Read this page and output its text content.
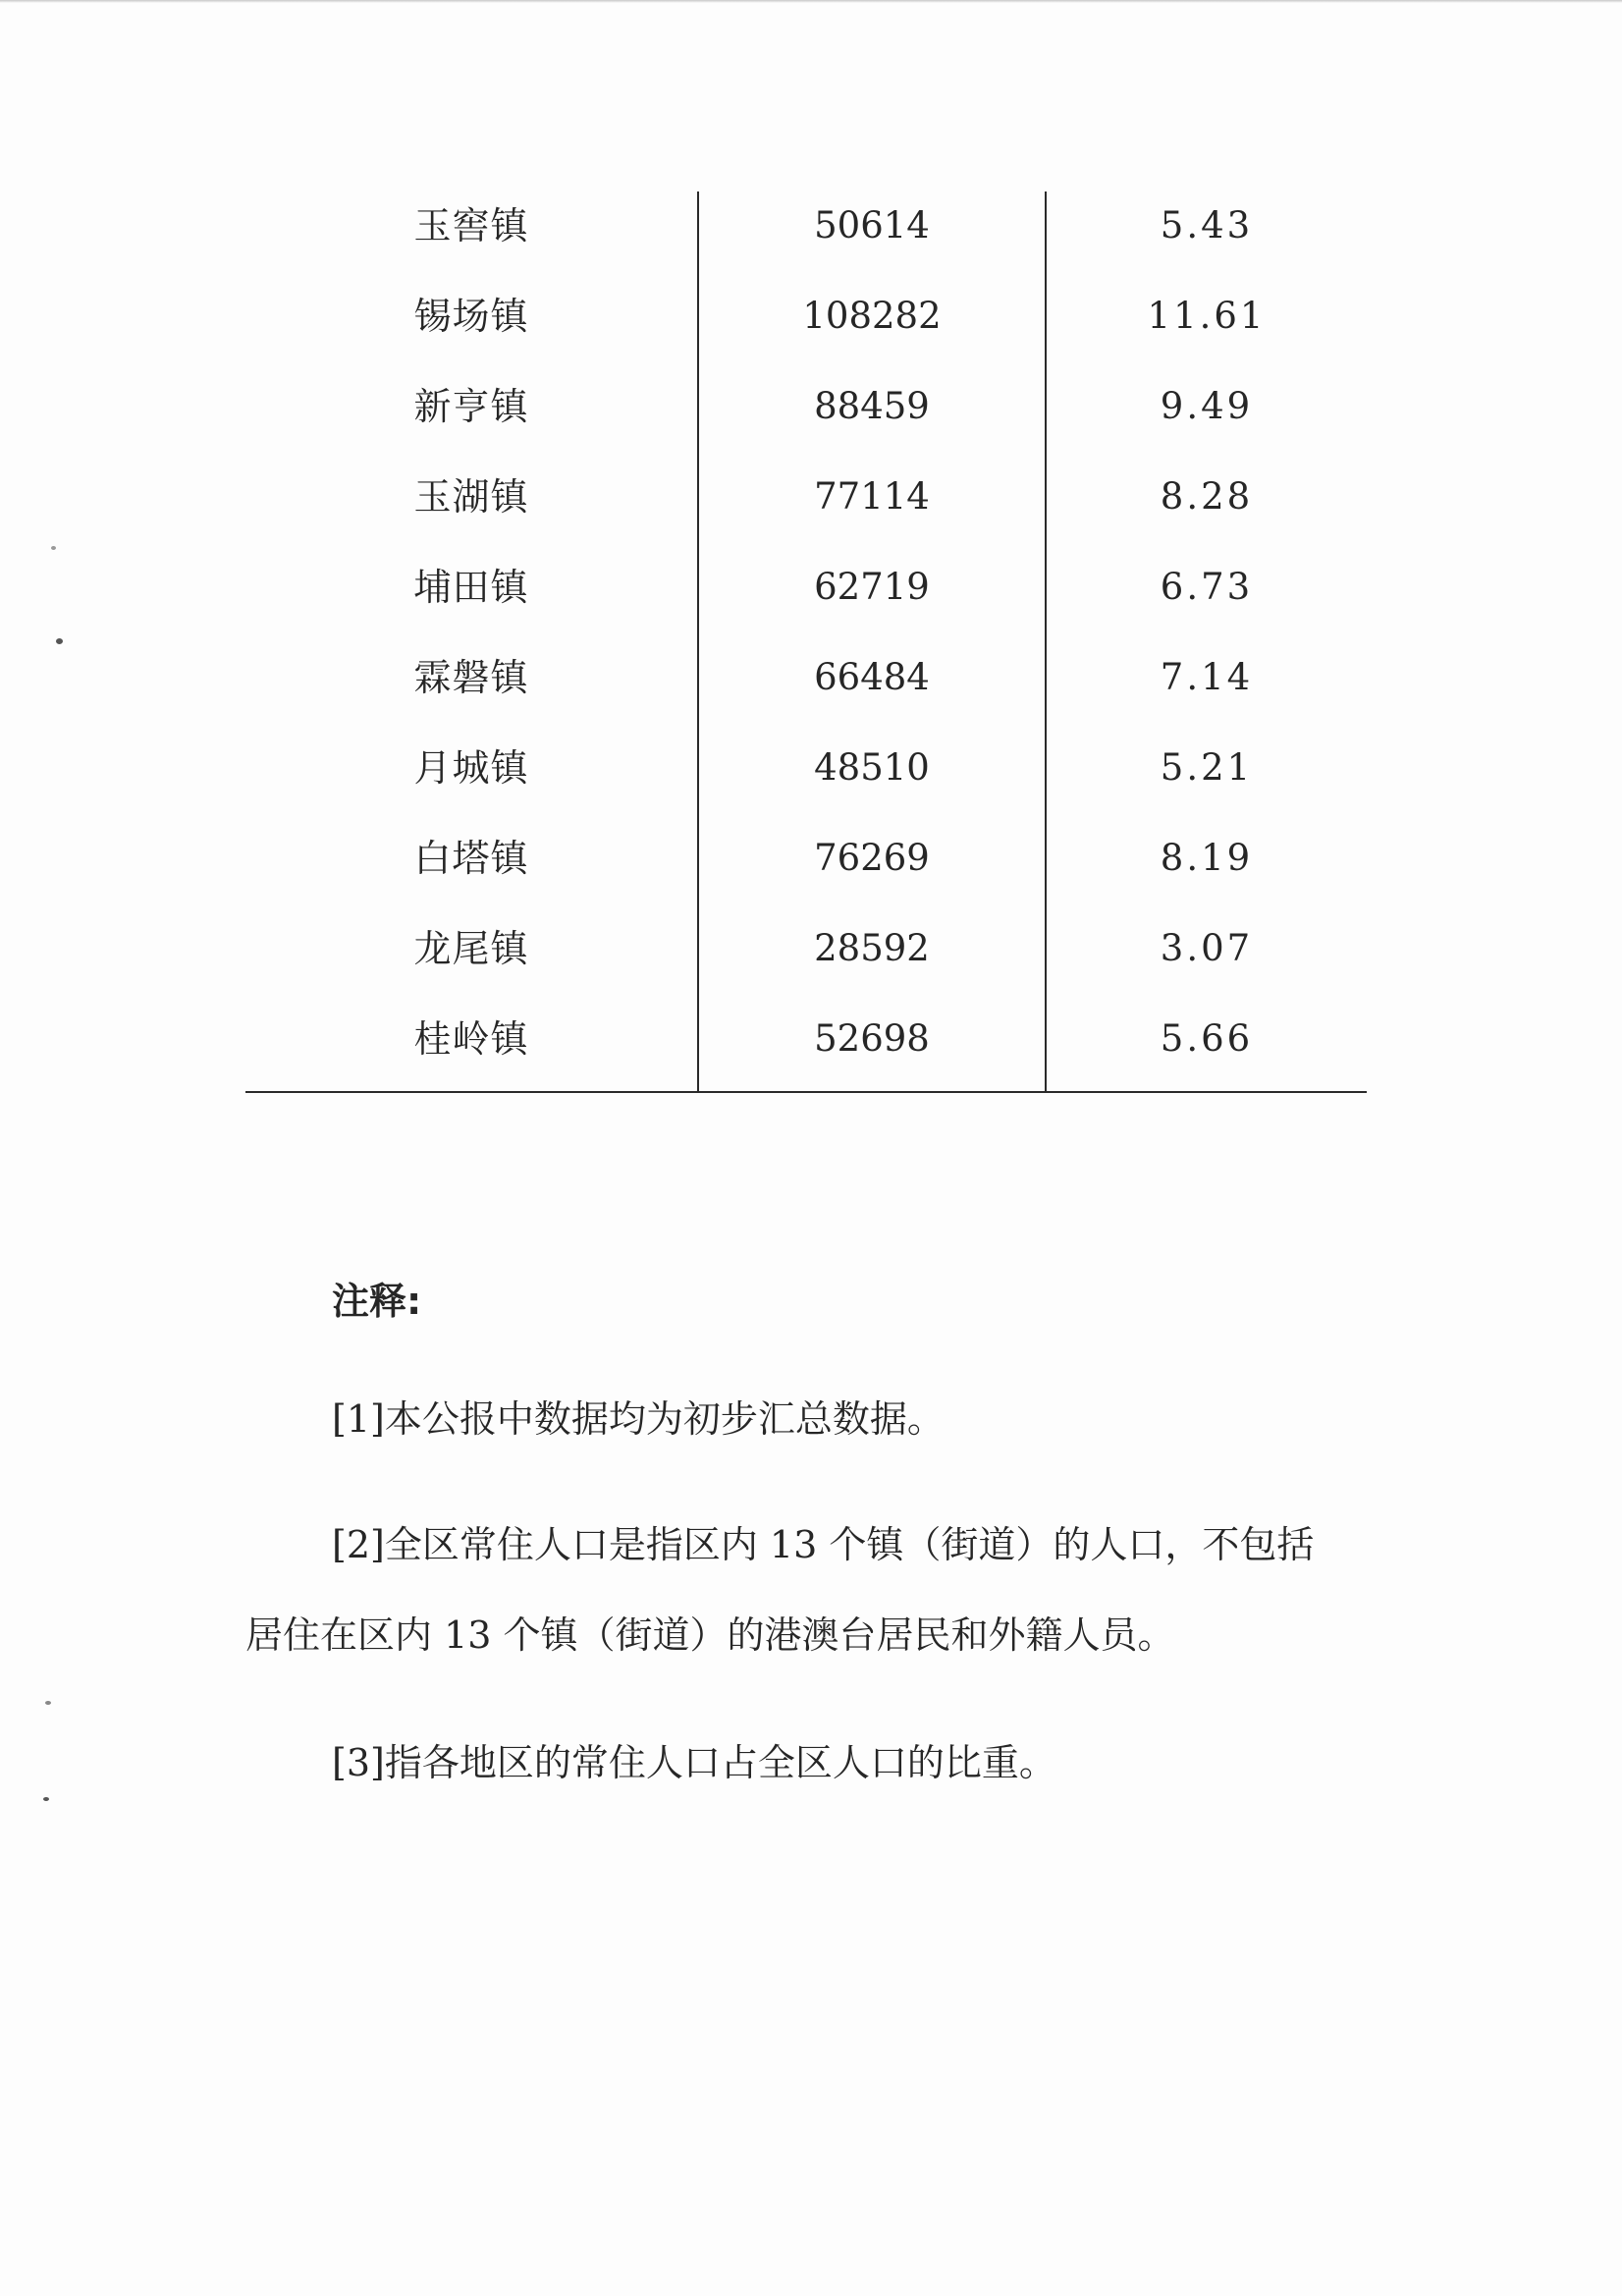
玉窖镇	50614	5.43
锡场镇	108282	11.61
新亨镇	88459	9.49
玉湖镇	77114	8.28
埔田镇	62719	6.73
霖磐镇	66484	7.14
月城镇	48510	5.21
白塔镇	76269	8.19
龙尾镇	28592	3.07
桂岭镇	52698	5.66
注释:
[1]本公报中数据均为初步汇总数据。
[2]全区常住人口是指区内 13 个镇（街道）的人口，不包括
居住在区内 13 个镇（街道）的港澳台居民和外籍人员。
[3]指各地区的常住人口占全区人口的比重。
